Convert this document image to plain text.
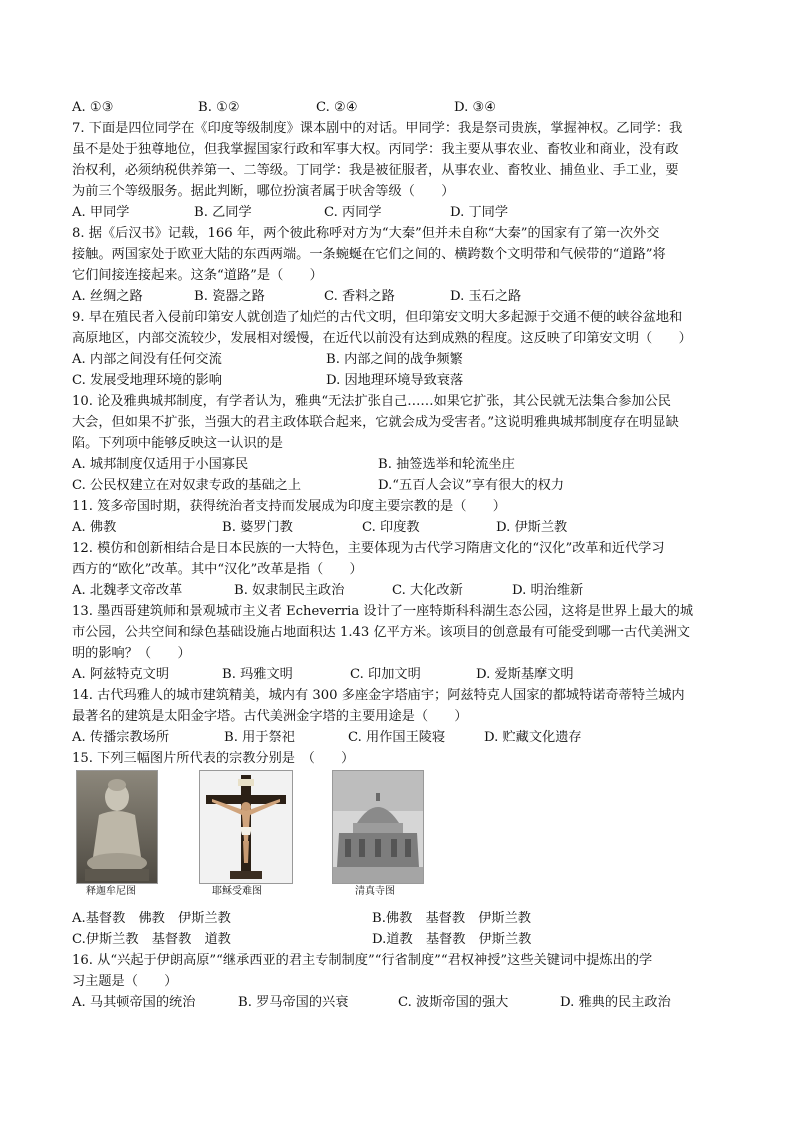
A. ①③	B. ①②	C. ②④	D. ③④
7. 下面是四位同学在《印度等级制度》课本剧中的对话。甲同学：我是祭司贵族，掌握神权。乙同学：我
虽不是处于独尊地位，但我掌握国家行政和军事大权。丙同学：我主要从事农业、畜牧业和商业，没有政
治权利，必须纳税供养第一、二等级。丁同学：我是被征服者，从事农业、畜牧业、捕鱼业、手工业，要
为前三个等级服务。据此判断，哪位扮演者属于吠舍等级（　　）
A. 甲同学	B. 乙同学	C. 丙同学	D. 丁同学
8. 据《后汉书》记载，166 年，两个彼此称呼对方为“大秦”但并未自称“大秦”的国家有了第一次外交
接触。两国家处于欧亚大陆的东西两端。一条蜿蜒在它们之间的、横跨数个文明带和气候带的“道路”将
它们间接连接起来。这条“道路”是（　　）
A. 丝绸之路	B. 瓷器之路	C. 香料之路	D. 玉石之路
9. 早在殖民者入侵前印第安人就创造了灿烂的古代文明，但印第安文明大多起源于交通不便的峡谷盆地和
高原地区，内部交流较少，发展相对缓慢，在近代以前没有达到成熟的程度。这反映了印第安文明（　　）
A. 内部之间没有任何交流	B. 内部之间的战争频繁
C. 发展受地理环境的影响	D. 因地理环境导致衰落
10. 论及雅典城邦制度，有学者认为，雅典“无法扩张自己……如果它扩张，其公民就无法集合参加公民
大会，但如果不扩张，当强大的君主政体联合起来，它就会成为受害者。”这说明雅典城邦制度存在明显缺
陷。下列项中能够反映这一认识的是
A. 城邦制度仅适用于小国寡民	B. 抽签选举和轮流坐庄
C. 公民权建立在对奴隶专政的基础之上	D.“五百人会议”享有很大的权力
11. 笈多帝国时期，获得统治者支持而发展成为印度主要宗教的是（　　）
A. 佛教	B. 婆罗门教	C. 印度教	D. 伊斯兰教
12. 模仿和创新相结合是日本民族的一大特色，主要体现为古代学习隋唐文化的“汉化”改革和近代学习
西方的“欧化”改革。其中“汉化”改革是指（　　）
A. 北魏孝文帝改革	B. 奴隶制民主政治	C. 大化改新	D. 明治维新
13. 墨西哥建筑师和景观城市主义者 Echeverria 设计了一座特斯科科湖生态公园，这将是世界上最大的城
市公园，公共空间和绿色基础设施占地面积达 1.43 亿平方米。该项目的创意最有可能受到哪一古代美洲文
明的影响？（　　）
A. 阿兹特克文明	B. 玛雅文明	C. 印加文明	D. 爱斯基摩文明
14. 古代玛雅人的城市建筑精美，城内有 300 多座金字塔庙宇；阿兹特克人国家的都城特诺奇蒂特兰城内
最著名的建筑是太阳金字塔。古代美洲金字塔的主要用途是（　　）
A. 传播宗教场所	B. 用于祭祀	C. 用作国王陵寝	D. 贮藏文化遗存
15. 下列三幅图片所代表的宗教分别是　（　　）
释迦牟尼图	耶稣受难图	清真寺图
A.基督教　佛教　伊斯兰教	B.佛教　基督教　伊斯兰教
C.伊斯兰教　基督教　道教	D.道教　基督教　伊斯兰教
16. 从“兴起于伊朗高原”“继承西亚的君主专制制度”“行省制度”“君权神授”这些关键词中提炼出的学
习主题是（　　）
A. 马其顿帝国的统治	B. 罗马帝国的兴衰	C. 波斯帝国的强大	D. 雅典的民主政治
